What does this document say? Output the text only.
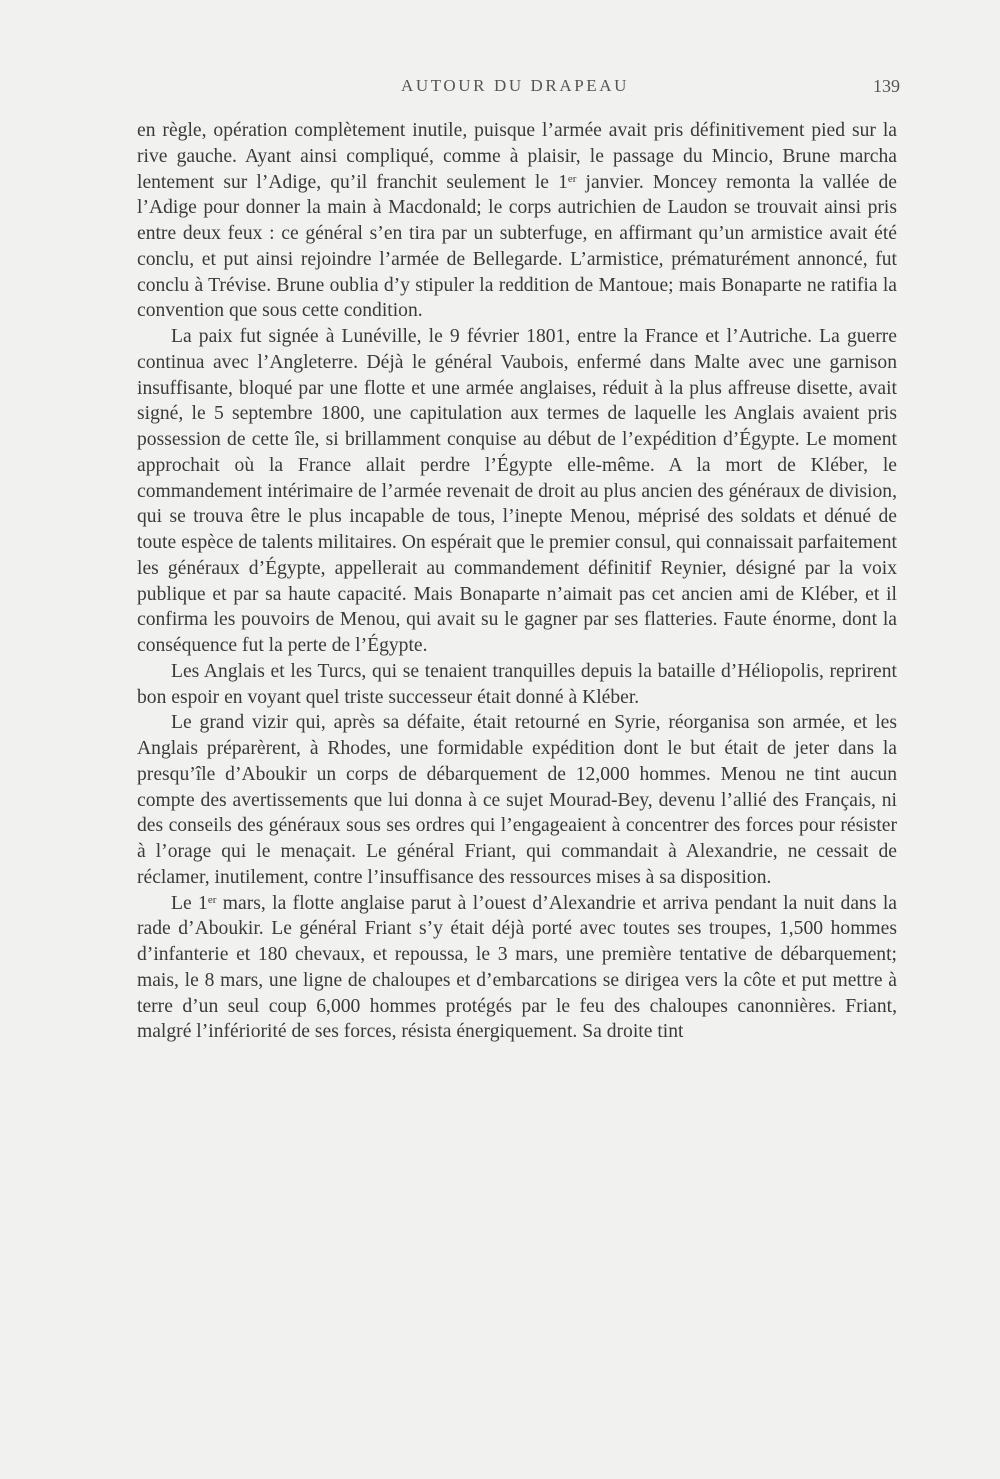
AUTOUR DU DRAPEAU	139

en règle, opération complètement inutile, puisque l’armée avait pris définitivement pied sur la rive gauche. Ayant ainsi compliqué, comme à plaisir, le passage du Mincio, Brune marcha lentement sur l’Adige, qu’il franchit seulement le 1er janvier. Moncey remonta la vallée de l’Adige pour donner la main à Macdonald; le corps autrichien de Laudon se trouvait ainsi pris entre deux feux : ce général s’en tira par un subterfuge, en affirmant qu’un armistice avait été conclu, et put ainsi rejoindre l’armée de Bellegarde. L’armistice, prématurément annoncé, fut conclu à Trévise. Brune oublia d’y stipuler la reddition de Mantoue; mais Bonaparte ne ratifia la convention que sous cette condition.

La paix fut signée à Lunéville, le 9 février 1801, entre la France et l’Autriche. La guerre continua avec l’Angleterre. Déjà le général Vaubois, enfermé dans Malte avec une garnison insuffisante, bloqué par une flotte et une armée anglaises, réduit à la plus affreuse disette, avait signé, le 5 septembre 1800, une capitulation aux termes de laquelle les Anglais avaient pris possession de cette île, si brillamment conquise au début de l’expédition d’Égypte. Le moment approchait où la France allait perdre l’Égypte elle-même. A la mort de Kléber, le commandement intérimaire de l’armée revenait de droit au plus ancien des généraux de division, qui se trouva être le plus incapable de tous, l’inepte Menou, méprisé des soldats et dénué de toute espèce de talents militaires. On espérait que le premier consul, qui connaissait parfaitement les généraux d’Égypte, appellerait au commandement définitif Reynier, désigné par la voix publique et par sa haute capacité. Mais Bonaparte n’aimait pas cet ancien ami de Kléber, et il confirma les pouvoirs de Menou, qui avait su le gagner par ses flatteries. Faute énorme, dont la conséquence fut la perte de l’Égypte.

Les Anglais et les Turcs, qui se tenaient tranquilles depuis la bataille d’Héliopolis, reprirent bon espoir en voyant quel triste successeur était donné à Kléber.

Le grand vizir qui, après sa défaite, était retourné en Syrie, réorganisa son armée, et les Anglais préparèrent, à Rhodes, une formidable expédition dont le but était de jeter dans la presqu’île d’Aboukir un corps de débarquement de 12,000 hommes. Menou ne tint aucun compte des avertissements que lui donna à ce sujet Mourad-Bey, devenu l’allié des Français, ni des conseils des généraux sous ses ordres qui l’engageaient à concentrer des forces pour résister à l’orage qui le menaçait. Le général Friant, qui commandait à Alexandrie, ne cessait de réclamer, inutilement, contre l’insuffisance des ressources mises à sa disposition.

Le 1er mars, la flotte anglaise parut à l’ouest d’Alexandrie et arriva pendant la nuit dans la rade d’Aboukir. Le général Friant s’y était déjà porté avec toutes ses troupes, 1,500 hommes d’infanterie et 180 chevaux, et repoussa, le 3 mars, une première tentative de débarquement; mais, le 8 mars, une ligne de chaloupes et d’embarcations se dirigea vers la côte et put mettre à terre d’un seul coup 6,000 hommes protégés par le feu des chaloupes canonnières. Friant, malgré l’infériorité de ses forces, résista énergiquement. Sa droite tint
